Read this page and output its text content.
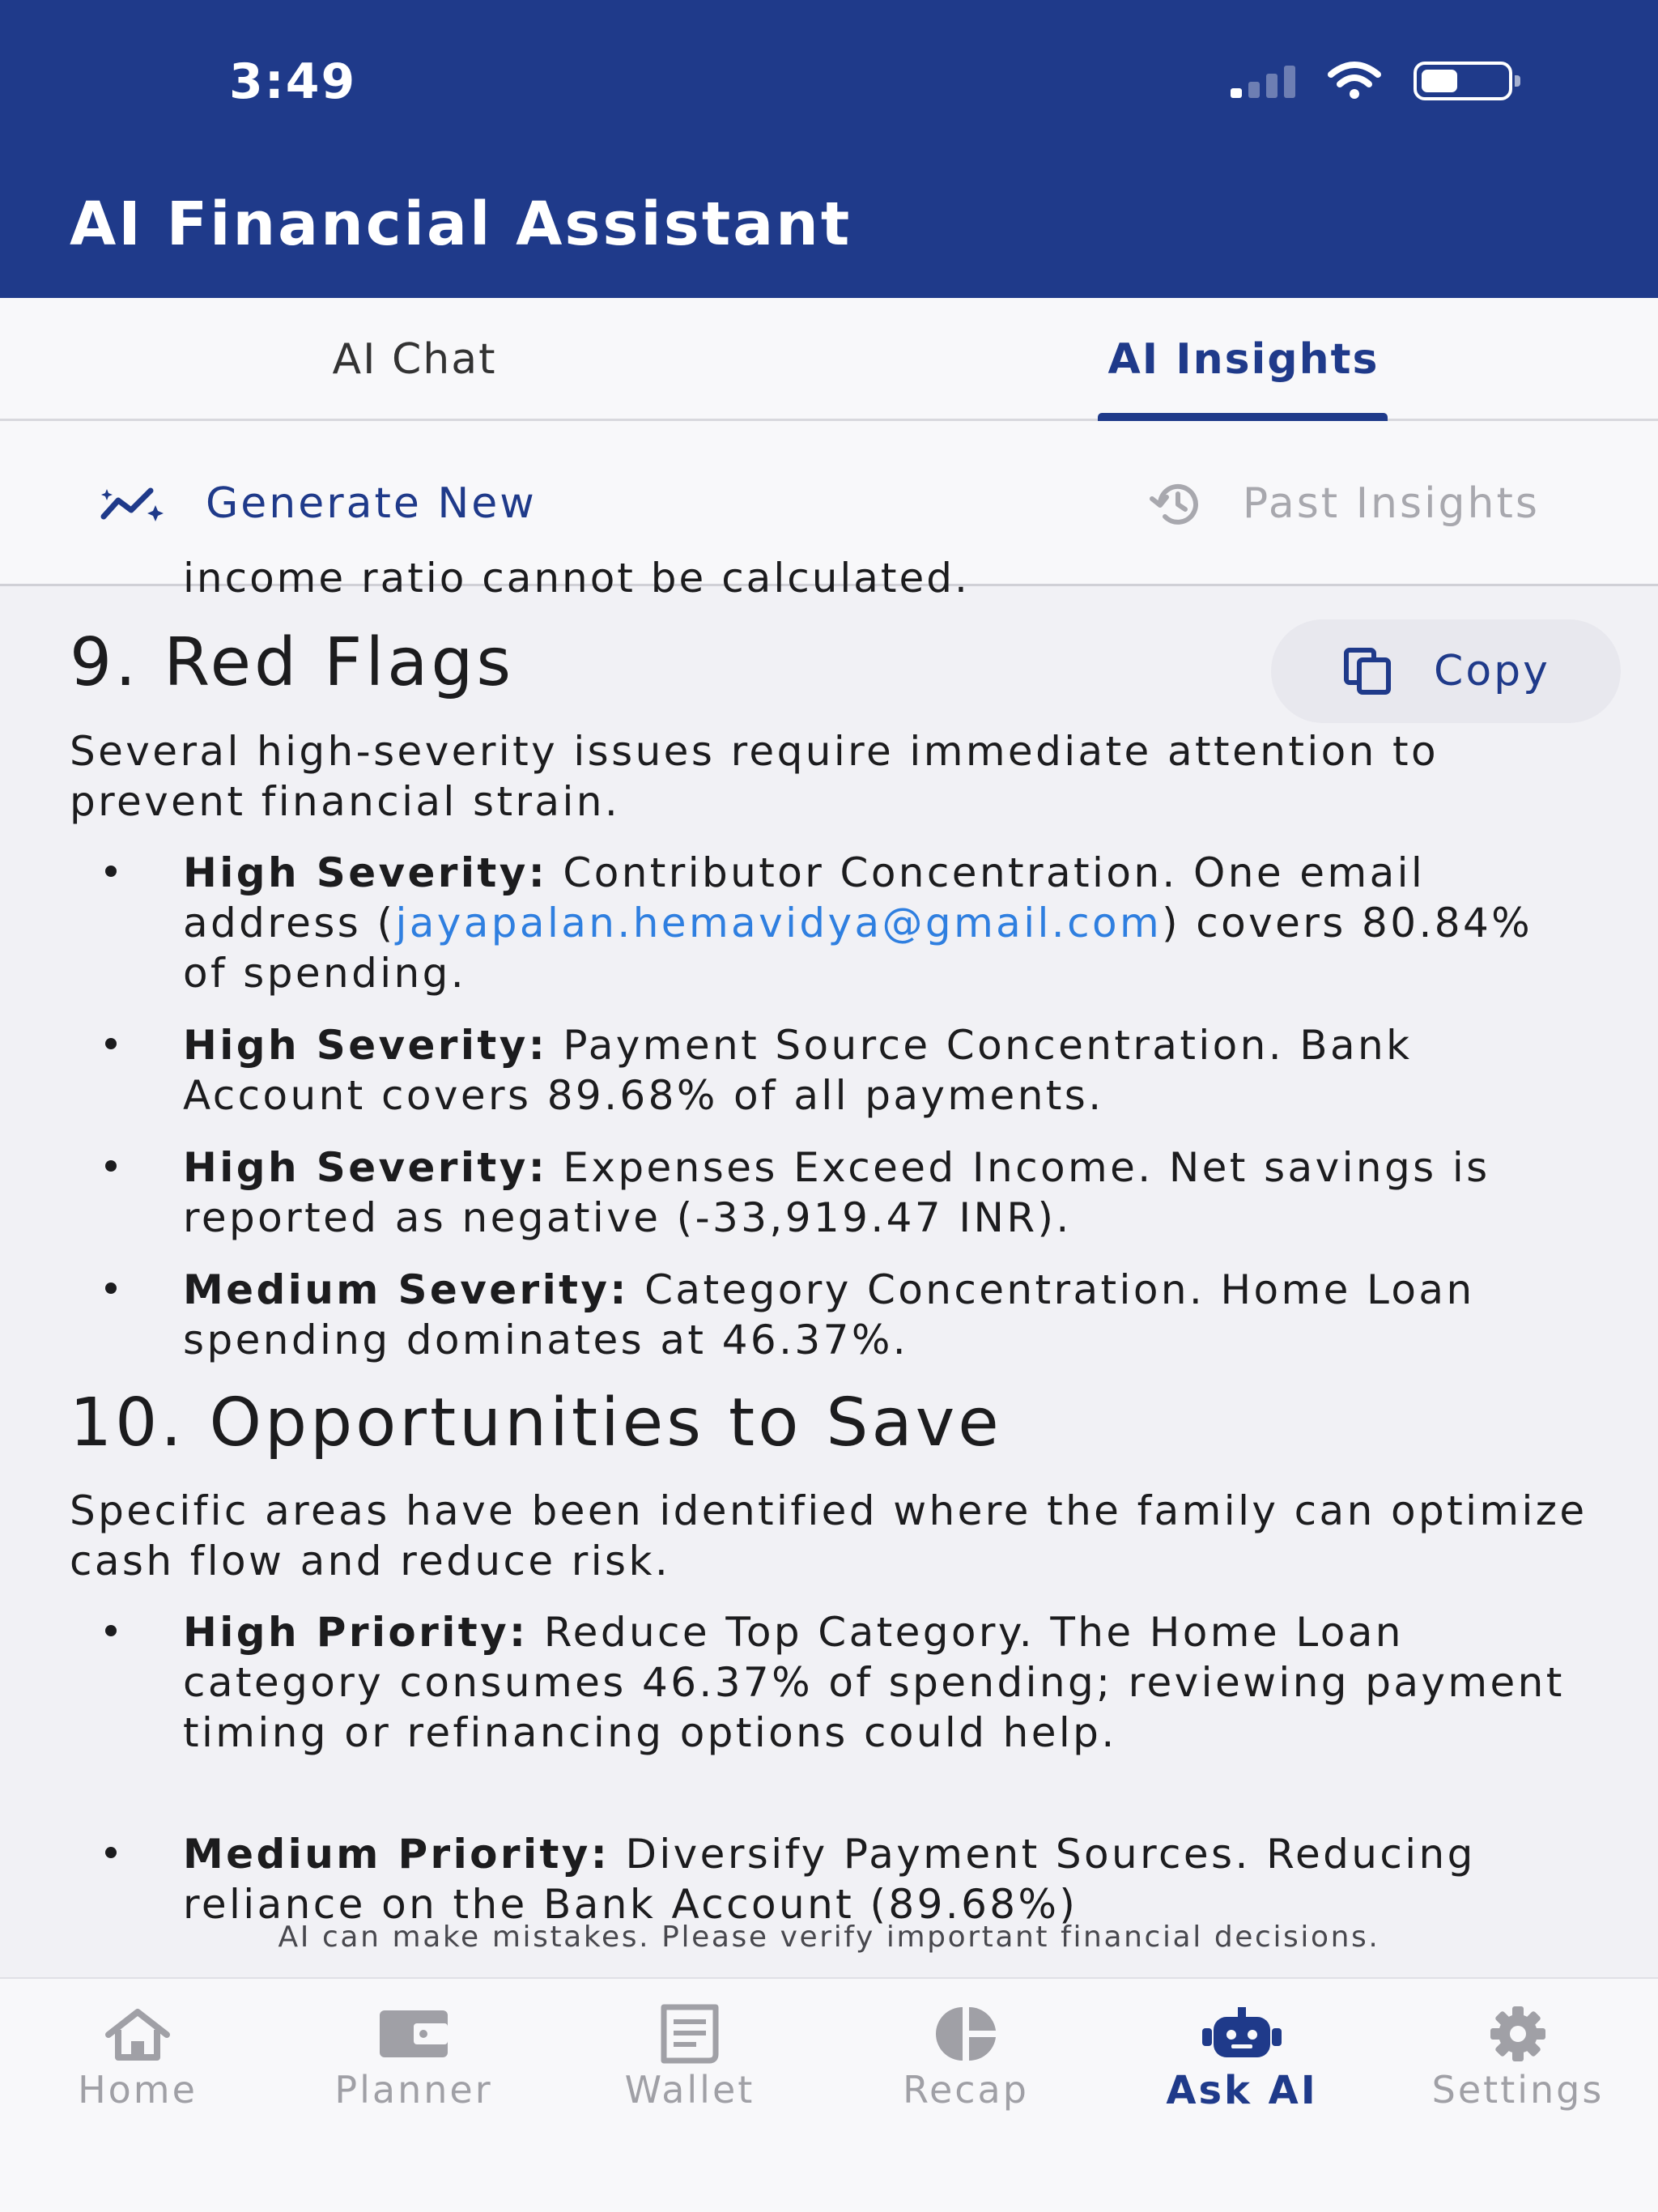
3:49
AI Financial Assistant
AI Chat	AI Insights
Generate New	Past Insights
income ratio cannot be calculated.
9. Red Flags	Copy
Several high-severity issues require immediate attention to prevent financial strain.
High Severity: Contributor Concentration. One email address (jayapalan.hemavidya@gmail.com) covers 80.84% of spending.
High Severity: Payment Source Concentration. Bank Account covers 89.68% of all payments.
High Severity: Expenses Exceed Income. Net savings is reported as negative (-33,919.47 INR).
Medium Severity: Category Concentration. Home Loan spending dominates at 46.37%.
10. Opportunities to Save
Specific areas have been identified where the family can optimize cash flow and reduce risk.
High Priority: Reduce Top Category. The Home Loan category consumes 46.37% of spending; reviewing payment timing or refinancing options could help.
Medium Priority: Diversify Payment Sources. Reducing reliance on the Bank Account (89.68%)
AI can make mistakes. Please verify important financial decisions.
Home	Planner	Wallet	Recap	Ask AI	Settings
